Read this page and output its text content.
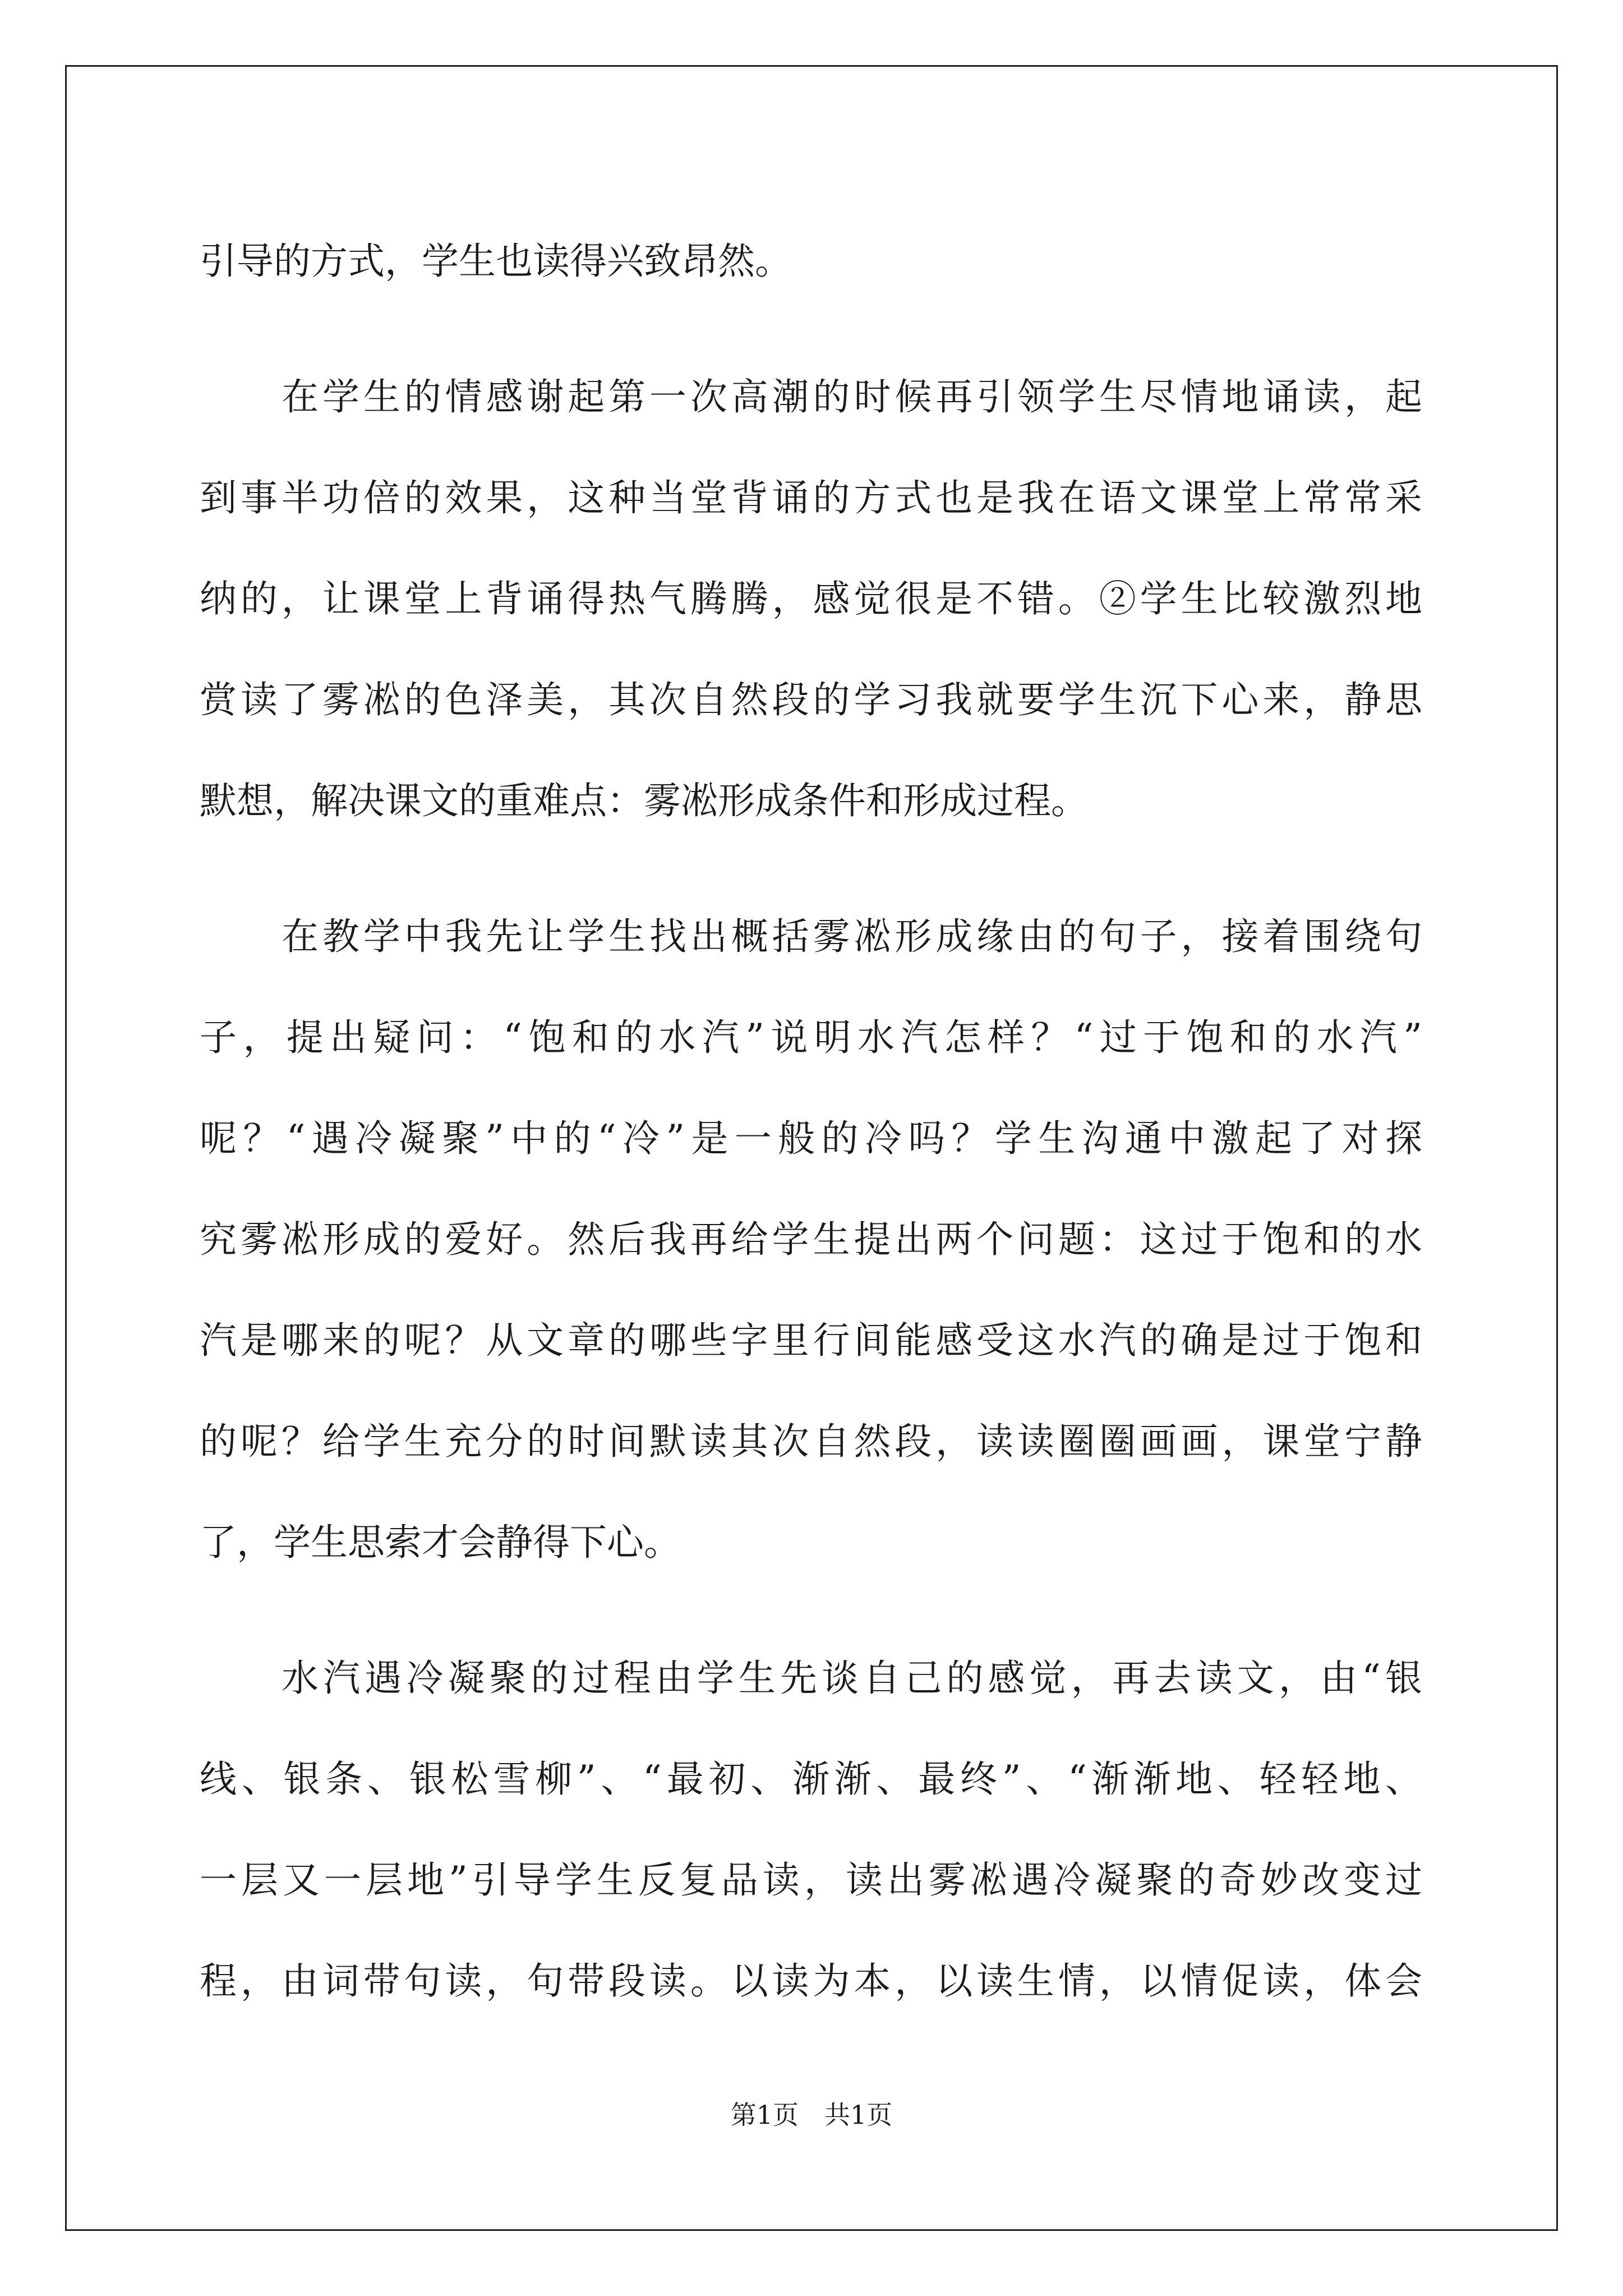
引导的方式，学生也读得兴致昂然。
在学生的情感谢起第一次高潮的时候再引领学生尽情地诵读，起
到事半功倍的效果，这种当堂背诵的方式也是我在语文课堂上常常采
纳的，让课堂上背诵得热气腾腾，感觉很是不错。②学生比较激烈地
赏读了雾凇的色泽美，其次自然段的学习我就要学生沉下心来，静思
默想，解决课文的重难点：雾凇形成条件和形成过程。
在教学中我先让学生找出概括雾凇形成缘由的句子，接着围绕句
子，提出疑问：“饱和的水汽”说明水汽怎样？“过于饱和的水汽”
呢？“遇冷凝聚”中的“冷”是一般的冷吗？学生沟通中激起了对探
究雾凇形成的爱好。然后我再给学生提出两个问题：这过于饱和的水
汽是哪来的呢？从文章的哪些字里行间能感受这水汽的确是过于饱和
的呢？给学生充分的时间默读其次自然段，读读圈圈画画，课堂宁静
了，学生思索才会静得下心。
水汽遇冷凝聚的过程由学生先谈自己的感觉，再去读文，由“银
线、银条、银松雪柳”、“最初、渐渐、最终”、“渐渐地、轻轻地、
一层又一层地”引导学生反复品读，读出雾凇遇冷凝聚的奇妙改变过
程，由词带句读，句带段读。以读为本，以读生情，以情促读，体会
第1页　共1页
